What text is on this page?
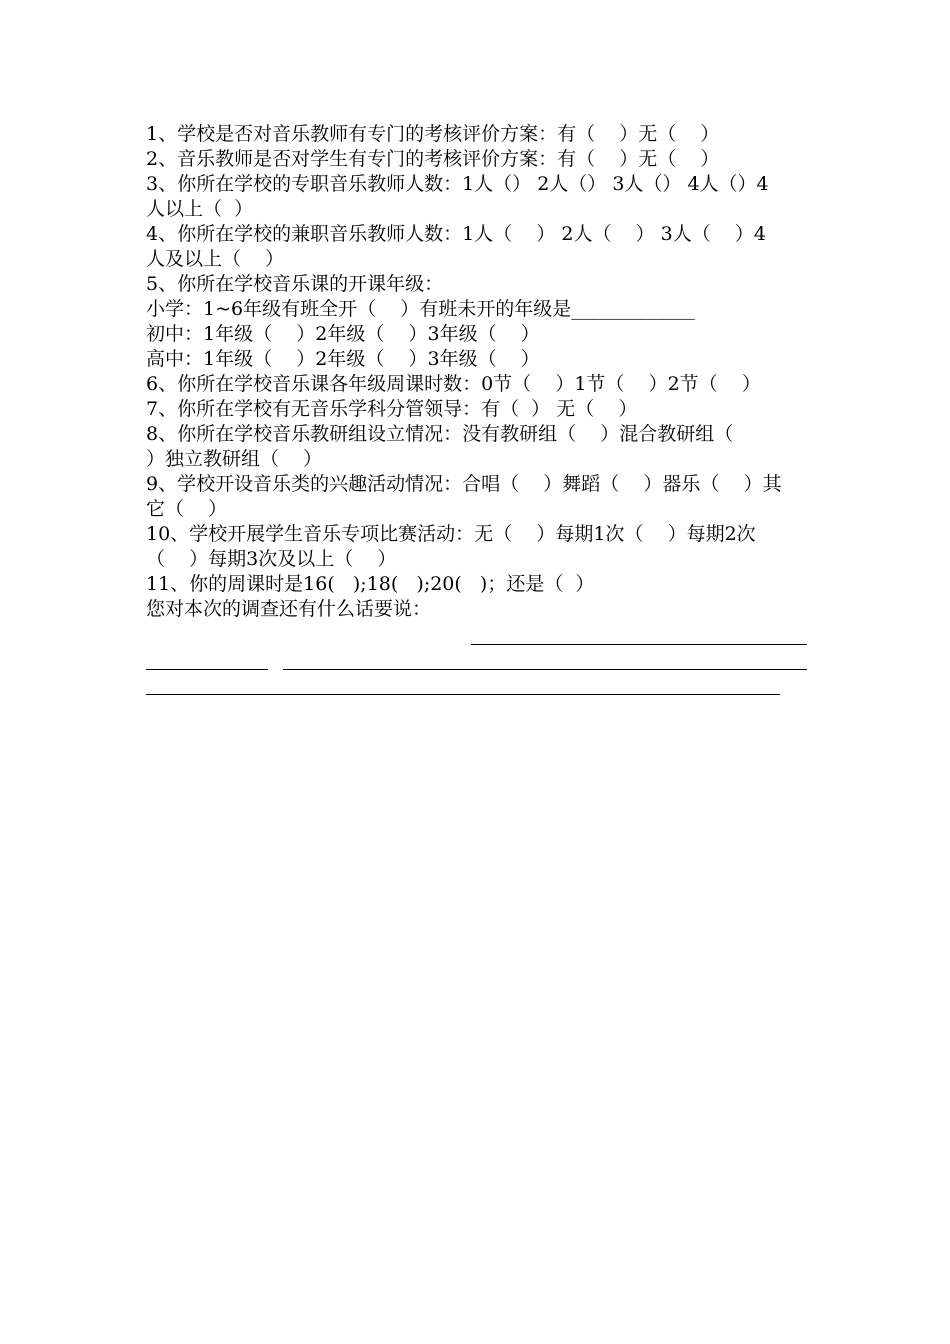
1、学校是否对音乐教师有专门的考核评价方案：有（    ）无（    ）
2、音乐教师是否对学生有专门的考核评价方案：有（    ）无（    ）
3、你所在学校的专职音乐教师人数：1人（） 2人（） 3人（） 4人（）4
人以上（  ）
4、你所在学校的兼职音乐教师人数：1人（    ） 2人（    ） 3人（    ）4
人及以上（    ）
5、你所在学校音乐课的开课年级：
小学：1~6年级有班全开（    ）有班未开的年级是_____________
初中：1年级（    ）2年级（    ）3年级（    ）
高中：1年级（    ）2年级（    ）3年级（    ）
6、你所在学校音乐课各年级周课时数：0节（    ）1节（    ）2节（    ）
7、你所在学校有无音乐学科分管领导：有（  ） 无（    ）
8、你所在学校音乐教研组设立情况：没有教研组（    ）混合教研组（
）独立教研组（    ）
9、学校开设音乐类的兴趣活动情况：合唱（    ）舞蹈（    ）器乐（    ）其
它（    ）
10、学校开展学生音乐专项比赛活动：无（    ）每期1次（    ）每期2次
（    ）每期3次及以上（    ）
11、你的周课时是16(   );18(   );20(   )；还是（  ）
您对本次的调查还有什么话要说：
